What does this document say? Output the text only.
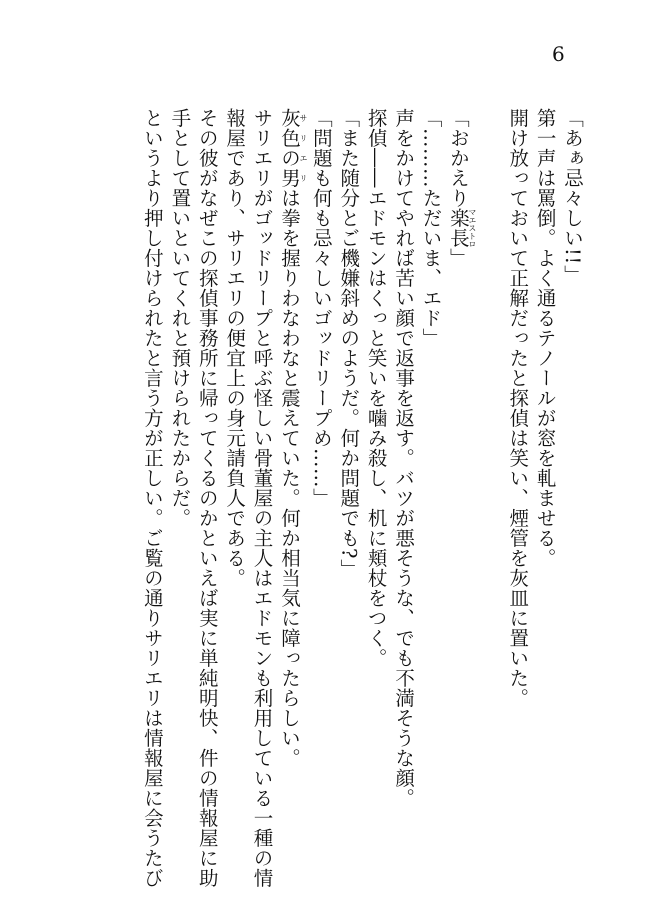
6
「あぁ忌々しい!!」
第一声は罵倒。よく通るテノールが窓を軋ませる。
開け放っておいて正解だったと探偵は笑い、煙管を灰皿に置いた。

「おかえり楽長マエストロ」
「………ただいま、エド」
声をかけてやれば苦い顔で返事を返す。バツが悪そうな、でも不満そうな顔。
探偵――エドモンはくっと笑いを噛み殺し、机に頬杖をつく。
「また随分とご機嫌斜めのようだ。何か問題でも?」
「問題も何も忌々しいゴッドリープめ……」
灰色の男サリエリは拳を握りわなわなと震えていた。何か相当気に障ったらしい。
サリエリがゴッドリープと呼ぶ怪しい骨董屋の主人はエドモンも利用している一種の情
報屋であり、サリエリの便宜上の身元請負人である。
その彼がなぜこの探偵事務所に帰ってくるのかといえば実に単純明快、件の情報屋に助
手として置いといてくれと預けられたからだ。
というより押し付けられたと言う方が正しい。ご覧の通りサリエリは情報屋に会うたび
